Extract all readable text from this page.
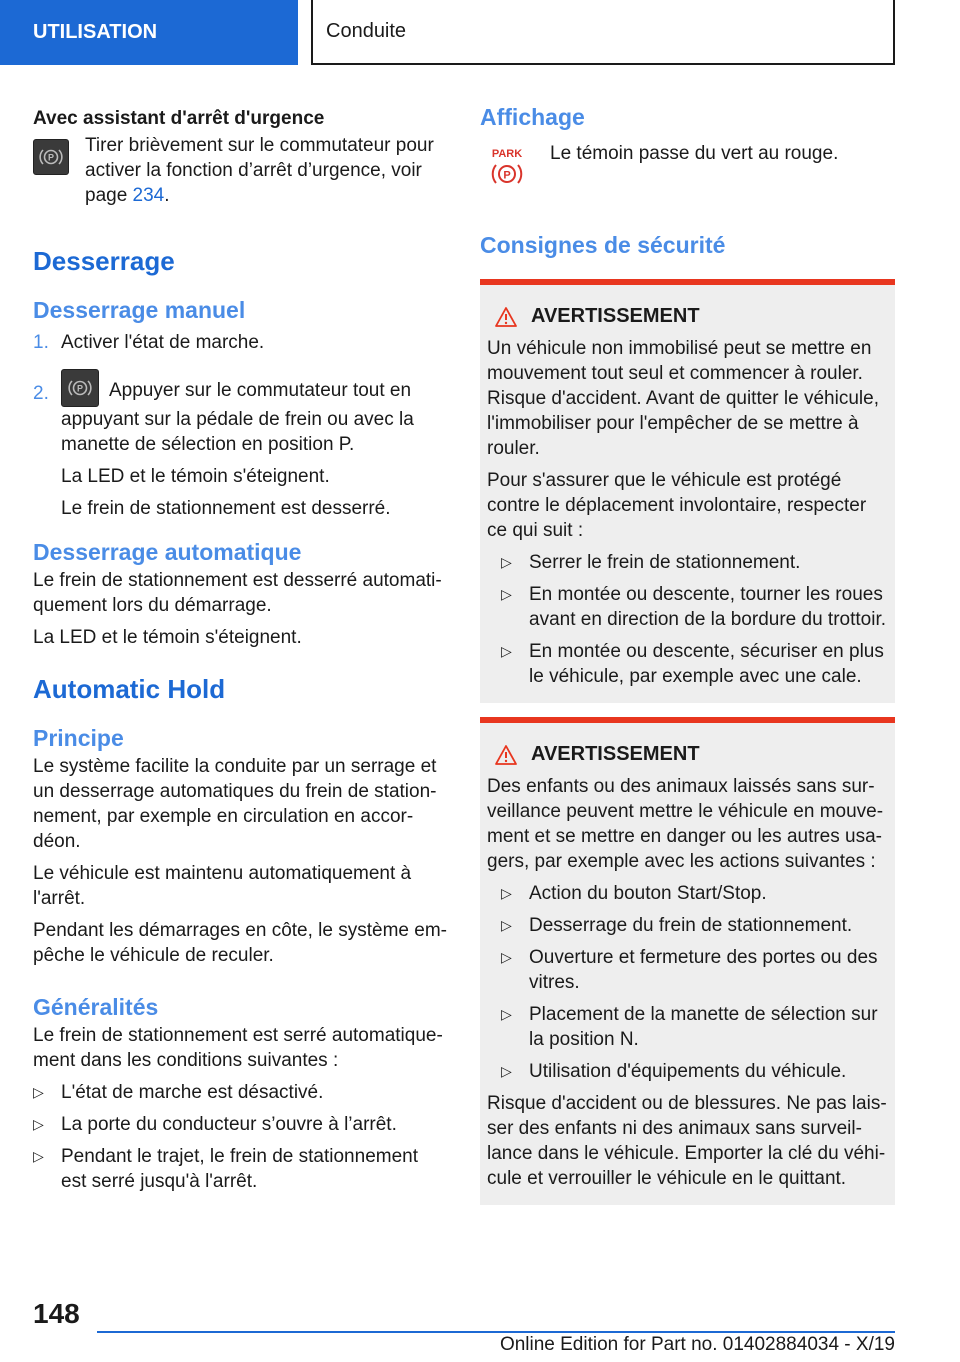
UTILISATION	Conduite

Avec assistant d'arrêt d'urgence

P

Tirer brièvement sur le commutateur pour activer la fonction d’arrêt d’urgence, voir page 234.

Desserrage
Desserrage manuel
1. Activer l'état de marche.

2.	P Appuyer sur le commutateur tout en appuyant sur la pédale de frein ou avec la manette de sélection en position P.

La LED et le témoin s'éteignent.

Le frein de stationnement est desserré.

Desserrage automatique

Le frein de stationnement est desserré automati-quement lors du démarrage.

La LED et le témoin s'éteignent.

Automatic Hold
Principe

Le système facilite la conduite par un serrage et un desserrage automatiques du frein de station-nement, par exemple en circulation en accor-déon.

Le véhicule est maintenu automatiquement à l'arrêt.

Pendant les démarrages en côte, le système em-pêche le véhicule de reculer.

Généralités

Le frein de stationnement est serré automatique-ment dans les conditions suivantes :

▷ L'état de marche est désactivé.

▷ La porte du conducteur s’ouvre à l’arrêt.

▷ Pendant le trajet, le frein de stationnement est serré jusqu'à l'arrêt.

Affichage
PARK
P

Le témoin passe du vert au rouge.

Consignes de sécurité
AVERTISSEMENT

Un véhicule non immobilisé peut se mettre en mouvement tout seul et commencer à rouler. Risque d'accident. Avant de quitter le véhicule, l'immobiliser pour l'empêcher de se mettre à rouler.

Pour s'assurer que le véhicule est protégé contre le déplacement involontaire, respecter ce qui suit :

▷ Serrer le frein de stationnement.

▷ En montée ou descente, tourner les roues avant en direction de la bordure du trottoir.

▷ En montée ou descente, sécuriser en plus le véhicule, par exemple avec une cale.

AVERTISSEMENT

Des enfants ou des animaux laissés sans sur-veillance peuvent mettre le véhicule en mouve-ment et se mettre en danger ou les autres usa-gers, par exemple avec les actions suivantes :

▷ Action du bouton Start/Stop.

▷ Desserrage du frein de stationnement.

▷ Ouverture et fermeture des portes ou des vitres.

▷ Placement de la manette de sélection sur la position N.

▷ Utilisation d'équipements du véhicule.

Risque d'accident ou de blessures. Ne pas lais-ser des enfants ni des animaux sans surveil-lance dans le véhicule. Emporter la clé du véhi-cule et verrouiller le véhicule en le quittant.

148
Online Edition for Part no. 01402884034 - X/19
